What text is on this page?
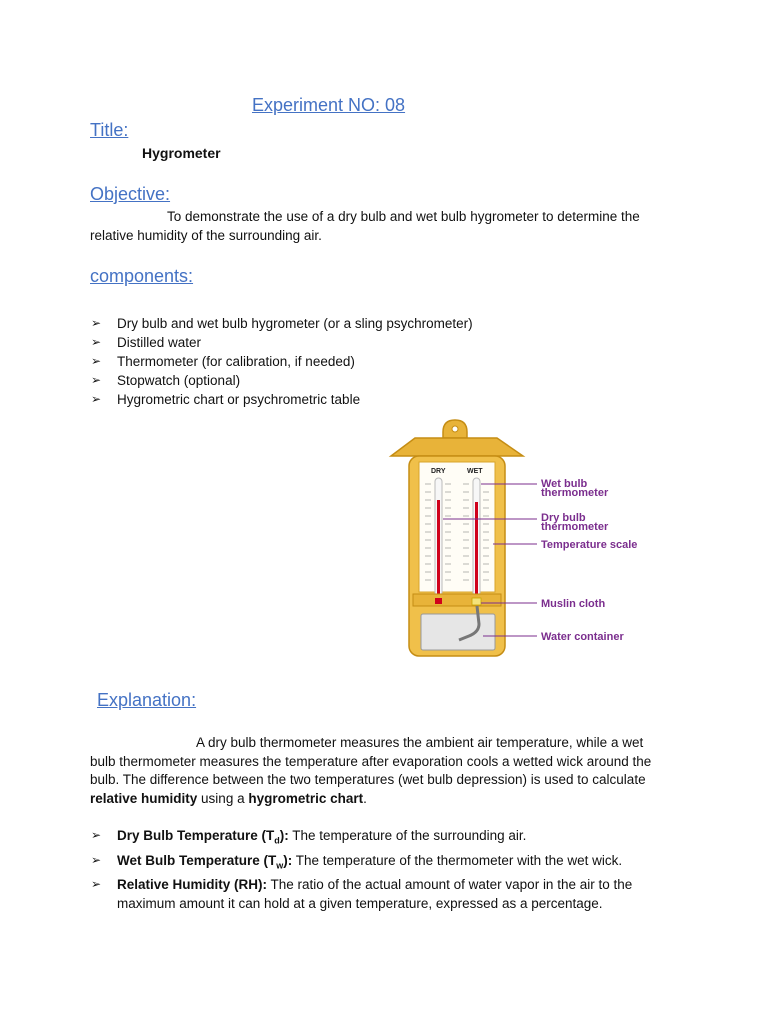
Experiment NO: 08
Title:
Hygrometer
Objective:
To demonstrate the use of a dry bulb and wet bulb hygrometer to determine the
relative humidity of the surrounding air.
components:
➢ Dry bulb and wet bulb hygrometer (or a sling psychrometer)
➢ Distilled water
➢ Thermometer (for calibration, if needed)
➢ Stopwatch (optional)
➢ Hygrometric chart or psychrometric table
DRY	WET
Wet bulb
thermometer
Dry bulb
thermometer
Temperature scale
Muslin cloth
Water container
Explanation:
A dry bulb thermometer measures the ambient air temperature, while a wet
bulb thermometer measures the temperature after evaporation cools a wetted wick around the
bulb. The difference between the two temperatures (wet bulb depression) is used to calculate
relative humidity using a hygrometric chart.
➢ Dry Bulb Temperature $(T_d)$: The temperature of the surrounding air.
➢ Wet Bulb Temperature $(T_w)$: The temperature of the thermometer with the wet wick.
➢ Relative Humidity (RH): The ratio of the actual amount of water vapor in the air to the
maximum amount it can hold at a given temperature, expressed as a percentage.
